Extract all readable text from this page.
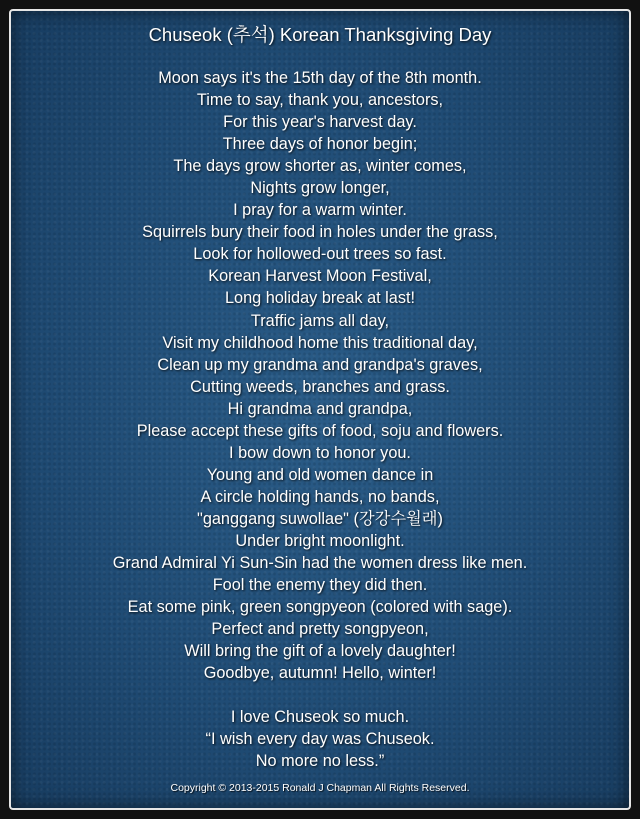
Chuseok (추석) Korean Thanksgiving Day
Moon says it's the 15th day of the 8th month.
Time to say, thank you, ancestors,
For this year's harvest day.
Three days of honor begin;
The days grow shorter as, winter comes,
Nights grow longer,
I pray for a warm winter.
Squirrels bury their food in holes under the grass,
Look for hollowed-out trees so fast.
Korean Harvest Moon Festival,
Long holiday break at last!
Traffic jams all day,
Visit my childhood home this traditional day,
Clean up my grandma and grandpa's graves,
Cutting weeds, branches and grass.
Hi grandma and grandpa,
Please accept these gifts of food, soju and flowers.
I bow down to honor you.
Young and old women dance in
A circle holding hands, no bands,
"ganggang suwollae" (강강수월래)
Under bright moonlight.
Grand Admiral Yi Sun-Sin had the women dress like men.
Fool the enemy they did then.
Eat some pink, green songpyeon (colored with sage).
Perfect and pretty songpyeon,
Will bring the gift of a lovely daughter!
Goodbye, autumn! Hello, winter!
I love Chuseok so much.
“I wish every day was Chuseok.
No more no less.”
Copyright © 2013-2015 Ronald J Chapman All Rights Reserved.
